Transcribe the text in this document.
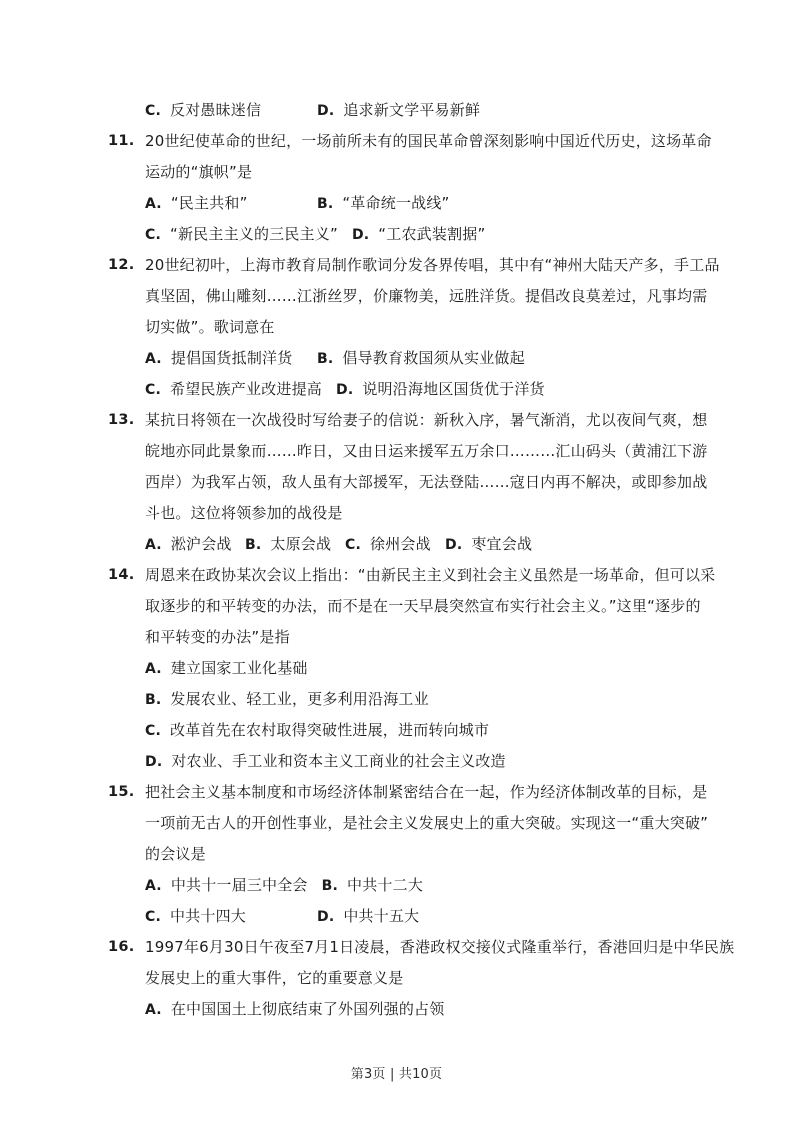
C. 反对愚昧迷信	D. 追求新文学平易新鲜
11. 20世纪使革命的世纪，一场前所未有的国民革命曾深刻影响中国近代历史，这场革命
运动的“旗帜”是
A. “民主共和”	B. “革命统一战线”
C. “新民主主义的三民主义” D. “工农武装割据”
12. 20世纪初叶，上海市教育局制作歌词分发各界传唱，其中有“神州大陆天产多，手工品
真坚固，佛山雕刻……江浙丝罗，价廉物美，远胜洋货。提倡改良莫差过，凡事均需
切实做”。歌词意在
A. 提倡国货抵制洋货 B. 倡导教育救国须从实业做起
C. 希望民族产业改进提高 D. 说明沿海地区国货优于洋货
13. 某抗日将领在一次战役时写给妻子的信说：新秋入序，暑气渐消，尤以夜间气爽，想
皖地亦同此景象而……昨日，又由日运来援军五万余口………汇山码头（黄浦江下游
西岸）为我军占领，敌人虽有大部援军，无法登陆……寇日内再不解决，或即参加战
斗也。这位将领参加的战役是
A. 淞沪会战 B. 太原会战 C. 徐州会战 D. 枣宜会战
14. 周恩来在政协某次会议上指出：“由新民主主义到社会主义虽然是一场革命，但可以采
取逐步的和平转变的办法，而不是在一天早晨突然宣布实行社会主义。”这里“逐步的
和平转变的办法”是指
A. 建立国家工业化基础
B. 发展农业、轻工业，更多利用沿海工业
C. 改革首先在农村取得突破性进展，进而转向城市
D. 对农业、手工业和资本主义工商业的社会主义改造
15. 把社会主义基本制度和市场经济体制紧密结合在一起，作为经济体制改革的目标，是
一项前无古人的开创性事业，是社会主义发展史上的重大突破。实现这一“重大突破”
的会议是
A. 中共十一届三中全会 B. 中共十二大
C. 中共十四大	D. 中共十五大
16. 1997年6月30日午夜至7月1日凌晨，香港政权交接仪式隆重举行，香港回归是中华民族
发展史上的重大事件，它的重要意义是
A. 在中国国土上彻底结束了外国列强的占领
第3页 | 共10页
